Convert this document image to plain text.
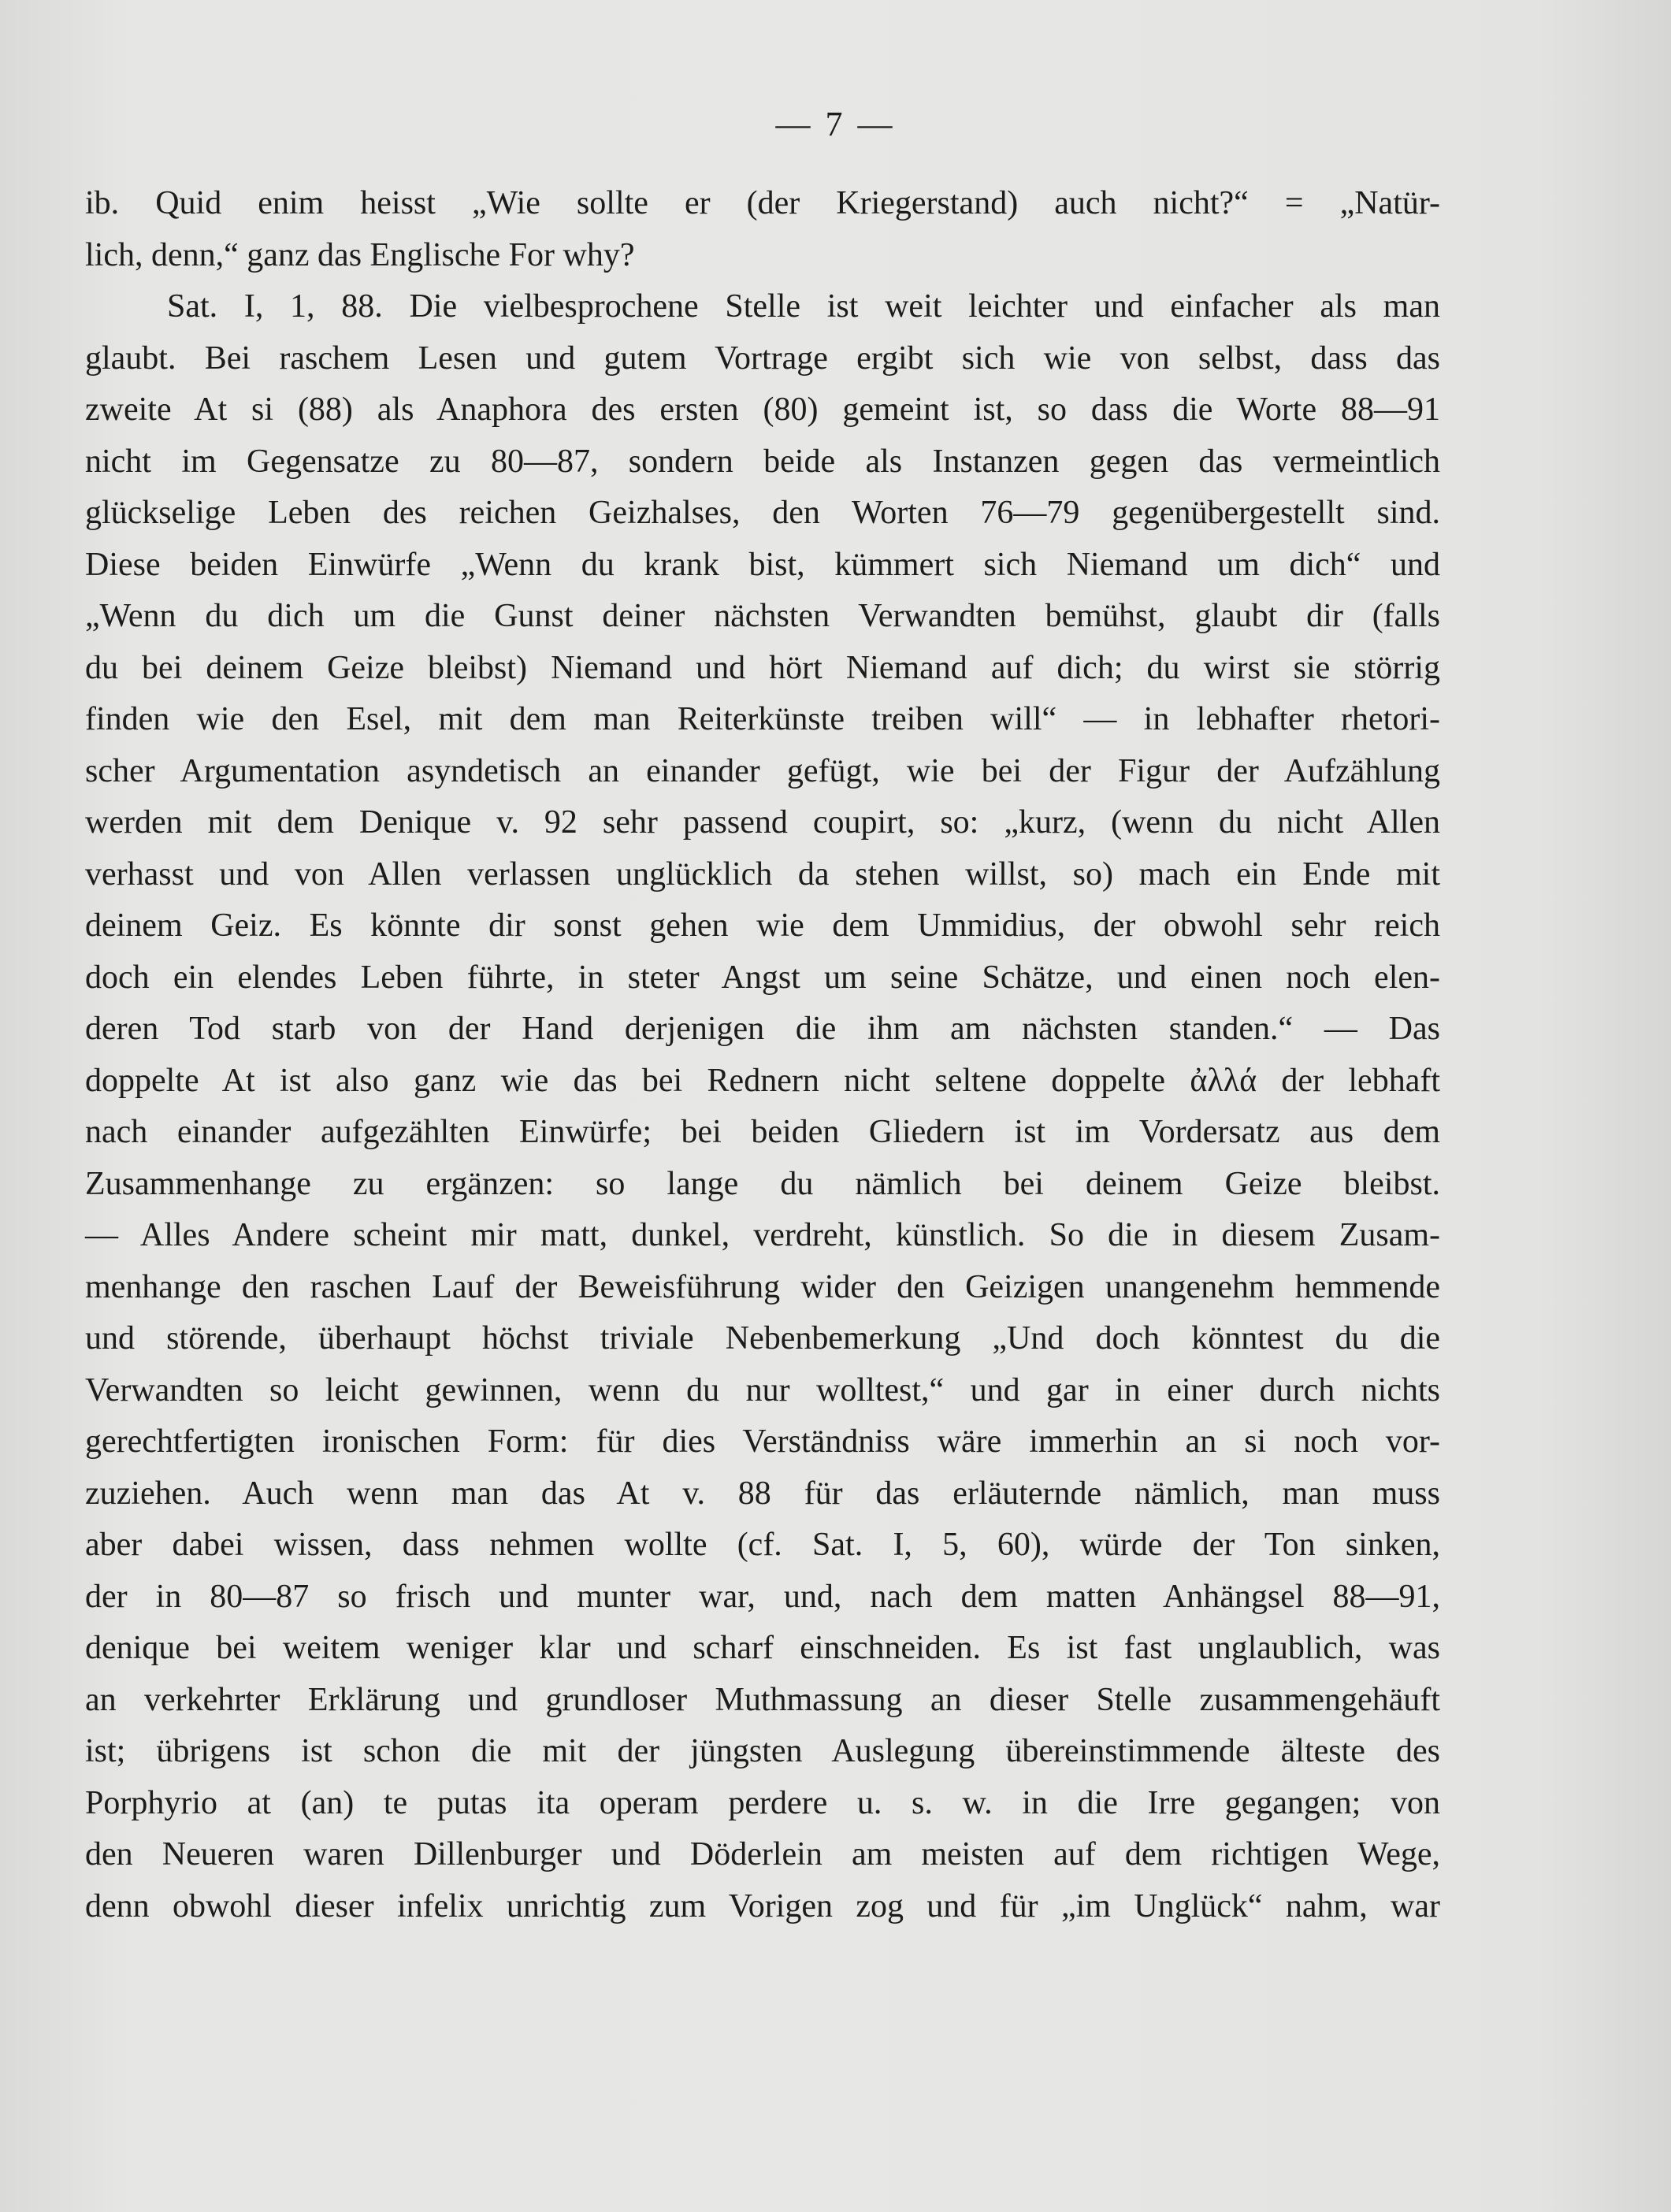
— 7 —
ib. Quid enim heisst „Wie sollte er (der Kriegerstand) auch nicht?“ = „Natür-
lich, denn,“ ganz das Englische For why?
Sat. I, 1, 88. Die vielbesprochene Stelle ist weit leichter und einfacher als man
glaubt. Bei raschem Lesen und gutem Vortrage ergibt sich wie von selbst, dass das
zweite At si (88) als Anaphora des ersten (80) gemeint ist, so dass die Worte 88—91
nicht im Gegensatze zu 80—87, sondern beide als Instanzen gegen das vermeintlich
glückselige Leben des reichen Geizhalses, den Worten 76—79 gegenübergestellt sind.
Diese beiden Einwürfe „Wenn du krank bist, kümmert sich Niemand um dich“ und
„Wenn du dich um die Gunst deiner nächsten Verwandten bemühst, glaubt dir (falls
du bei deinem Geize bleibst) Niemand und hört Niemand auf dich; du wirst sie störrig
finden wie den Esel, mit dem man Reiterkünste treiben will“ — in lebhafter rhetori-
scher Argumentation asyndetisch an einander gefügt, wie bei der Figur der Aufzählung
werden mit dem Denique v. 92 sehr passend coupirt, so: „kurz, (wenn du nicht Allen
verhasst und von Allen verlassen unglücklich da stehen willst, so) mach ein Ende mit
deinem Geiz. Es könnte dir sonst gehen wie dem Ummidius, der obwohl sehr reich
doch ein elendes Leben führte, in steter Angst um seine Schätze, und einen noch elen-
deren Tod starb von der Hand derjenigen die ihm am nächsten standen.“ — Das
doppelte At ist also ganz wie das bei Rednern nicht seltene doppelte ἀλλά der lebhaft
nach einander aufgezählten Einwürfe; bei beiden Gliedern ist im Vordersatz aus dem
Zusammenhange zu ergänzen: so lange du nämlich bei deinem Geize bleibst.
— Alles Andere scheint mir matt, dunkel, verdreht, künstlich. So die in diesem Zusam-
menhange den raschen Lauf der Beweisführung wider den Geizigen unangenehm hemmende
und störende, überhaupt höchst triviale Nebenbemerkung „Und doch könntest du die
Verwandten so leicht gewinnen, wenn du nur wolltest,“ und gar in einer durch nichts
gerechtfertigten ironischen Form: für dies Verständniss wäre immerhin an si noch vor-
zuziehen. Auch wenn man das At v. 88 für das erläuternde nämlich, man muss
aber dabei wissen, dass nehmen wollte (cf. Sat. I, 5, 60), würde der Ton sinken,
der in 80—87 so frisch und munter war, und, nach dem matten Anhängsel 88—91,
denique bei weitem weniger klar und scharf einschneiden. Es ist fast unglaublich, was
an verkehrter Erklärung und grundloser Muthmassung an dieser Stelle zusammengehäuft
ist; übrigens ist schon die mit der jüngsten Auslegung übereinstimmende älteste des
Porphyrio at (an) te putas ita operam perdere u. s. w. in die Irre gegangen; von
den Neueren waren Dillenburger und Döderlein am meisten auf dem richtigen Wege,
denn obwohl dieser infelix unrichtig zum Vorigen zog und für „im Unglück“ nahm, war
